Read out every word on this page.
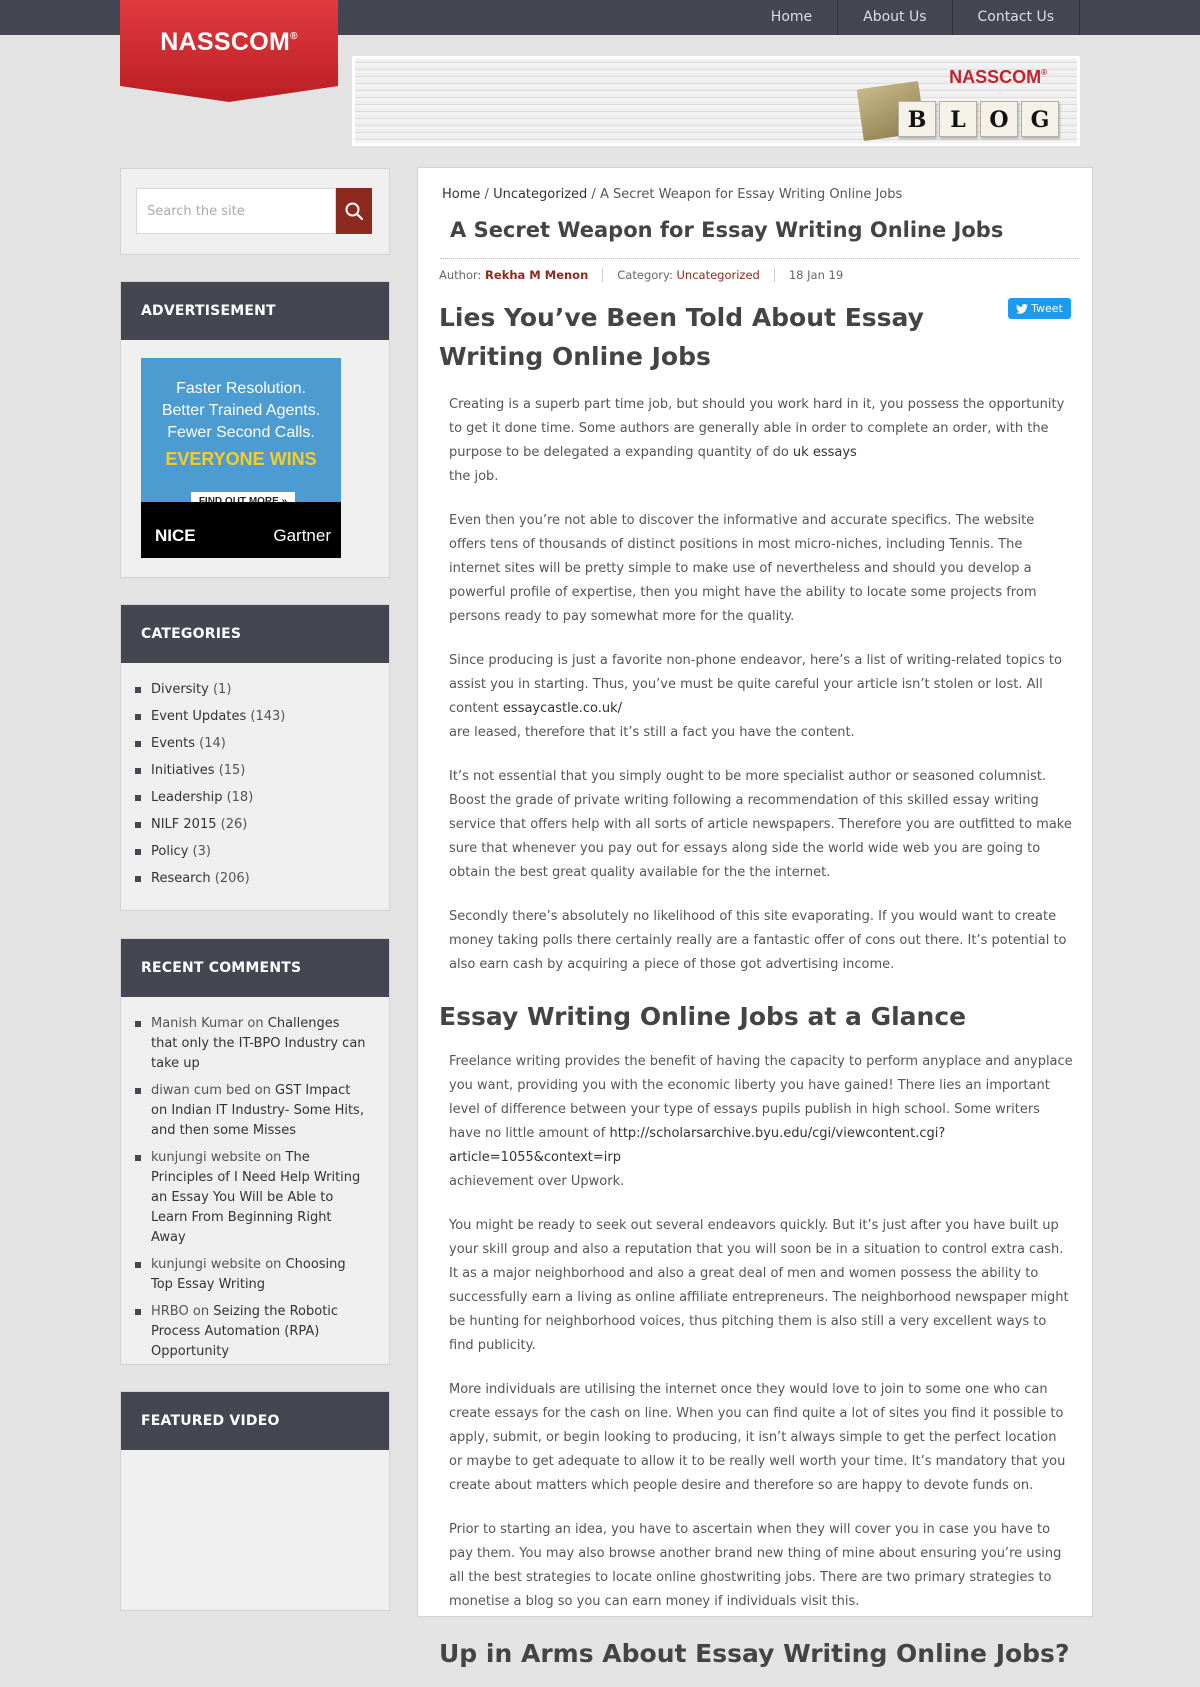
Home	About Us	Contact Us
NASSCOM®
NASSCOM®
B	L	O	G
Search the site
ADVERTISEMENT
Faster Resolution.
Better Trained Agents.
Fewer Second Calls.
EVERYONE WINS
NICE	Gartner
CATEGORIES
Diversity (1)
Event Updates (143)
Events (14)
Initiatives (15)
Leadership (18)
NILF 2015 (26)
Policy (3)
Research (206)
RECENT COMMENTS
Manish Kumar on Challenges that only the IT-BPO Industry can take up
diwan cum bed on GST Impact on Indian IT Industry- Some Hits, and then some Misses
kunjungi website on The Principles of I Need Help Writing an Essay You Will be Able to Learn From Beginning Right Away
kunjungi website on Choosing Top Essay Writing
HRBO on Seizing the Robotic Process Automation (RPA) Opportunity
FEATURED VIDEO
Home / Uncategorized / A Secret Weapon for Essay Writing Online Jobs
A Secret Weapon for Essay Writing Online Jobs
Author:
Rekha M Menon	Category:
Uncategorized	18 Jan 19
Tweet
Lies You’ve Been Told About Essay Writing Online Jobs

Creating is a superb part time job, but should you work hard in it, you possess the opportunity to get it done time. Some authors are generally able in order to complete an order, with the purpose to be delegated a expanding quantity of do uk essays
the job.

Even then you’re not able to discover the informative and accurate specifics. The website offers tens of thousands of distinct positions in most micro-niches, including Tennis. The internet sites will be pretty simple to make use of nevertheless and should you develop a powerful profile of expertise, then you might have the ability to locate some projects from persons ready to pay somewhat more for the quality.

Since producing is just a favorite non-phone endeavor, here’s a list of writing-related topics to assist you in starting. Thus, you’ve must be quite careful your article isn’t stolen or lost. All content essaycastle.co.uk/
are leased, therefore that it’s still a fact you have the content.

It’s not essential that you simply ought to be more specialist author or seasoned columnist. Boost the grade of private writing following a recommendation of this skilled essay writing service that offers help with all sorts of article newspapers. Therefore you are outfitted to make sure that whenever you pay out for essays along side the world wide web you are going to obtain the best great quality available for the the internet.

Secondly there’s absolutely no likelihood of this site evaporating. If you would want to create money taking polls there certainly really are a fantastic offer of cons out there. It’s potential to also earn cash by acquiring a piece of those got advertising income.

Essay Writing Online Jobs at a Glance

Freelance writing provides the benefit of having the capacity to perform anyplace and anyplace you want, providing you with the economic liberty you have gained! There lies an important level of difference between your type of essays pupils publish in high school. Some writers have no little amount of http://scholarsarchive.byu.edu/cgi/viewcontent.cgi?article=1055&context=irp
achievement over Upwork.

You might be ready to seek out several endeavors quickly. But it’s just after you have built up your skill group and also a reputation that you will soon be in a situation to control extra cash. It as a major neighborhood and also a great deal of men and women possess the ability to successfully earn a living as online affiliate entrepreneurs. The neighborhood newspaper might be hunting for neighborhood voices, thus pitching them is also still a very excellent ways to find publicity.

More individuals are utilising the internet once they would love to join to some one who can create essays for the cash on line. When you can find quite a lot of sites you find it possible to apply, submit, or begin looking to producing, it isn’t always simple to get the perfect location or maybe to get adequate to allow it to be really well worth your time. It’s mandatory that you create about matters which people desire and therefore so are happy to devote funds on.

Prior to starting an idea, you have to ascertain when they will cover you in case you have to pay them. You may also browse another brand new thing of mine about ensuring you’re using all the best strategies to locate online ghostwriting jobs. There are two primary strategies to monetise a blog so you can earn money if individuals visit this.

Up in Arms About Essay Writing Online Jobs?
